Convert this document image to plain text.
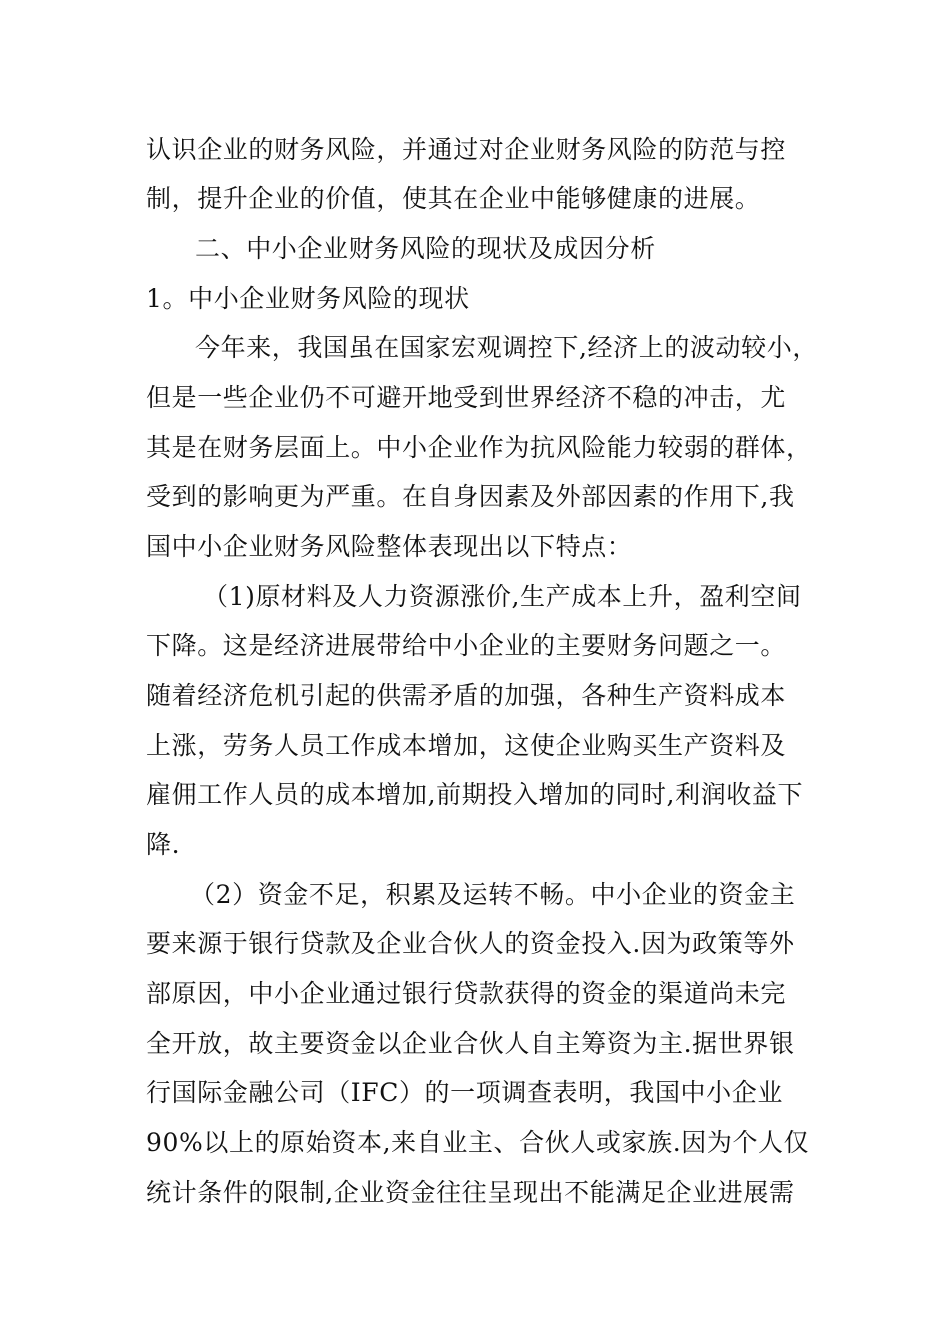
认识企业的财务风险，并通过对企业财务风险的防范与控
制，提升企业的价值，使其在企业中能够健康的进展。
二、中小企业财务风险的现状及成因分析
1。中小企业财务风险的现状
今年来，我国虽在国家宏观调控下,经济上的波动较小，
但是一些企业仍不可避开地受到世界经济不稳的冲击，尤
其是在财务层面上。中小企业作为抗风险能力较弱的群体，
受到的影响更为严重。在自身因素及外部因素的作用下,我
国中小企业财务风险整体表现出以下特点：
（1)原材料及人力资源涨价,生产成本上升，盈利空间
下降。这是经济进展带给中小企业的主要财务问题之一。
随着经济危机引起的供需矛盾的加强，各种生产资料成本
上涨，劳务人员工作成本增加，这使企业购买生产资料及
雇佣工作人员的成本增加,前期投入增加的同时,利润收益下
降.
（2）资金不足，积累及运转不畅。中小企业的资金主
要来源于银行贷款及企业合伙人的资金投入.因为政策等外
部原因，中小企业通过银行贷款获得的资金的渠道尚未完
全开放，故主要资金以企业合伙人自主筹资为主.据世界银
行国际金融公司（IFC）的一项调查表明，我国中小企业
90%以上的原始资本,来自业主、合伙人或家族.因为个人仅
统计条件的限制,企业资金往往呈现出不能满足企业进展需
